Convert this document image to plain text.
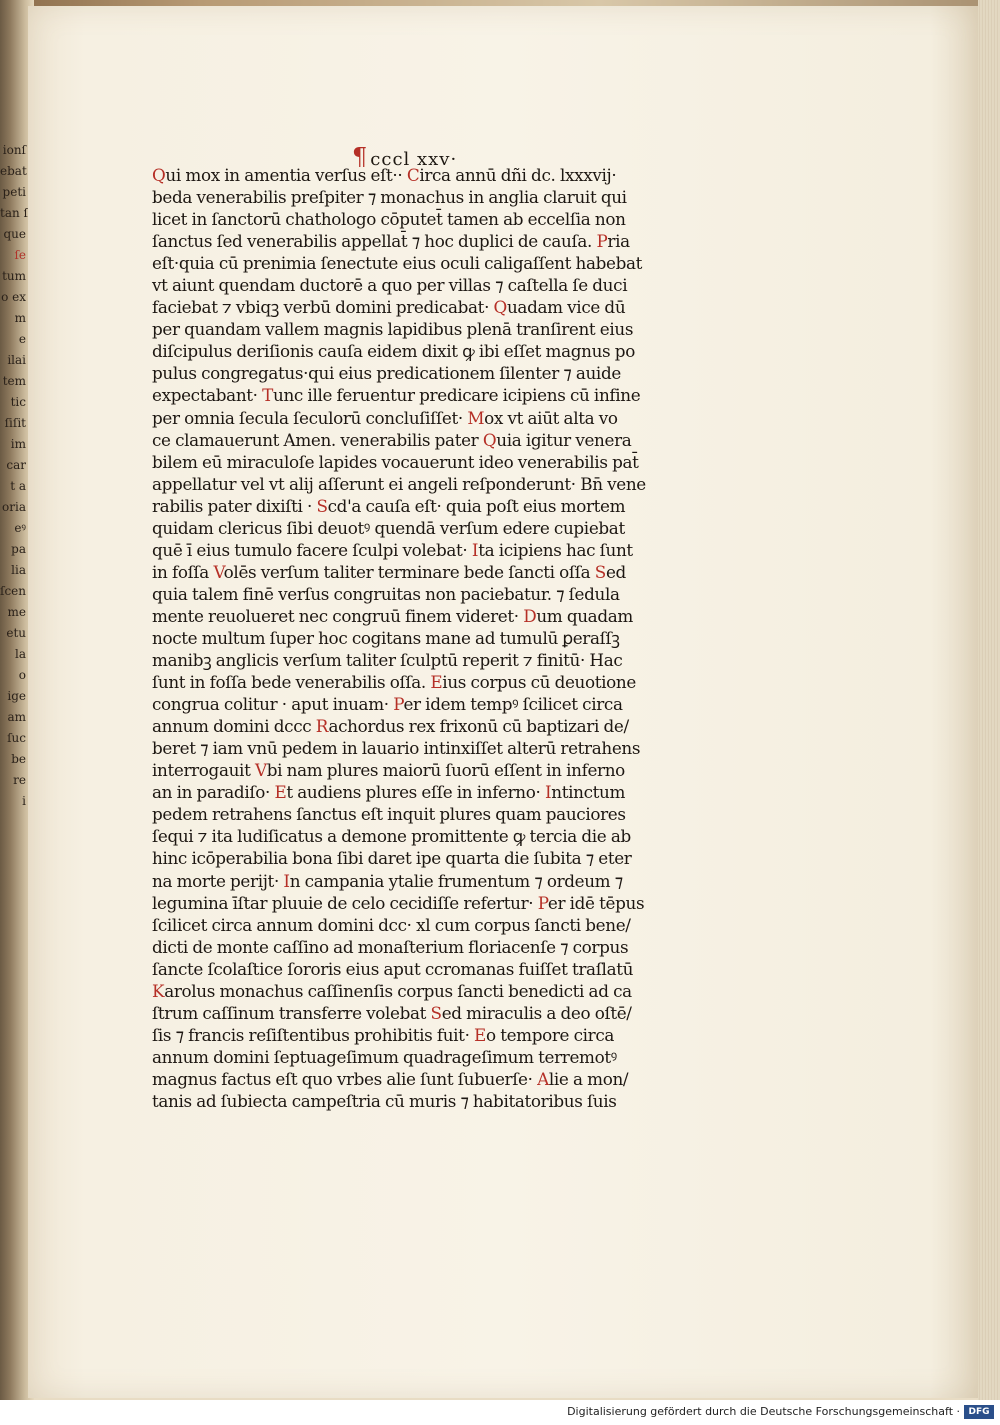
ionſ
ebat
peti
tan ſ
que
ſe
tum
o ex
m
e
ilai
tem
tic
ſiſit
im
car
t a
oria
eꝰ
pa
lia
ſcen
me
etu
la
o
ige
am
ſuc
be
re
i
¶ cccl xxv·
Qui mox in amentia verſus eſt·· Circa annū dñi dc. lxxxvij·
beda venerabilis preſpiter ⁊ monachus in anglia claruit qui
licet in ſanctorū chathologo cōputet̄ tamen ab eccelſia non
ſanctus ſed venerabilis appellat̄ ⁊ hoc duplici de cauſa. Pria
eſt·quia cū prenimia ſenectute eius oculi caligaſſent habebat
vt aiunt quendam ductorē a quo per villas ⁊ caſtella ſe duci
faciebat ⁊ vbiqꝫ verbū domini predicabat· Quadam vice dū
per quandam vallem magnis lapidibus plenā tranſirent eius
diſcipulus deriſionis cauſa eidem dixit ꝙ ibi eſſet magnus po
pulus congregatus·qui eius predicationem ſilenter ⁊ auide
expectabant· Tunc ille feruentur predicare icipiens cū infine
per omnia ſecula ſeculorū concluſiſſet· Mox vt aiūt alta vo
ce clamauerunt Amen. venerabilis pater Quia igitur venera
bilem eū miraculoſe lapides vocauerunt ideo venerabilis pat̄
appellatur vel vt alij aſſerunt ei angeli reſponderunt· Bn̄ vene
rabilis pater dixiſti · Scd'a cauſa eſt· quia poſt eius mortem
quidam clericus ſibi deuotꝰ quendā verſum edere cupiebat
quē ī eius tumulo facere ſculpi volebat· Ita icipiens hac ſunt
in foſſa Volēs verſum taliter terminare bede ſancti oſſa Sed
quia talem finē verſus congruitas non paciebatur. ⁊ ſedula
mente reuolueret nec congruū finem videret· Dum quadam
nocte multum ſuper hoc cogitans mane ad tumulū ꝑeraſſꝫ
manibꝫ anglicis verſum taliter ſculptū reperit ⁊ finitū· Hac
ſunt in foſſa bede venerabilis oſſa. Eius corpus cū deuotione
congrua colitur · aput inuam· Per idem tempꝰ ſcilicet circa
annum domini dccc Rachordus rex frixonū cū baptizari de/
beret ⁊ iam vnū pedem in lauario intinxiſſet alterū retrahens
interrogauit Vbi nam plures maiorū ſuorū eſſent in inferno
an in paradiſo· Et audiens plures eſſe in inferno· Intinctum
pedem retrahens ſanctus eſt inquit plures quam pauciores
ſequi ⁊ ita ludiſicatus a demone promittente ꝙ tercia die ab
hinc icōperabilia bona ſibi daret ipe quarta die ſubita ⁊ eter
na morte perijt· In campania ytalie frumentum ⁊ ordeum ⁊
legumina īſtar pluuie de celo cecidiſſe refertur· Per idē tēpus
ſcilicet circa annum domini dcc· xl cum corpus ſancti bene/
dicti de monte caſſino ad monaſterium floriacenſe ⁊ corpus
ſancte ſcolaſtice ſororis eius aput ccromanas fuiſſet traſlatū
Karolus monachus caſſinenſis corpus ſancti benedicti ad ca
ſtrum caſſinum transferre volebat Sed miraculis a deo oſtē/
ſis ⁊ francis reſiſtentibus prohibitis fuit· Eo tempore circa
annum domini ſeptuageſimum quadrageſimum terremotꝰ
magnus factus eſt quo vrbes alie ſunt ſubuerſe· Alie a mon/
tanis ad ſubiecta campeſtria cū muris ⁊ habitatoribus ſuis
Digitalisierung gefördert durch die Deutsche Forschungsgemeinschaft · DFG
